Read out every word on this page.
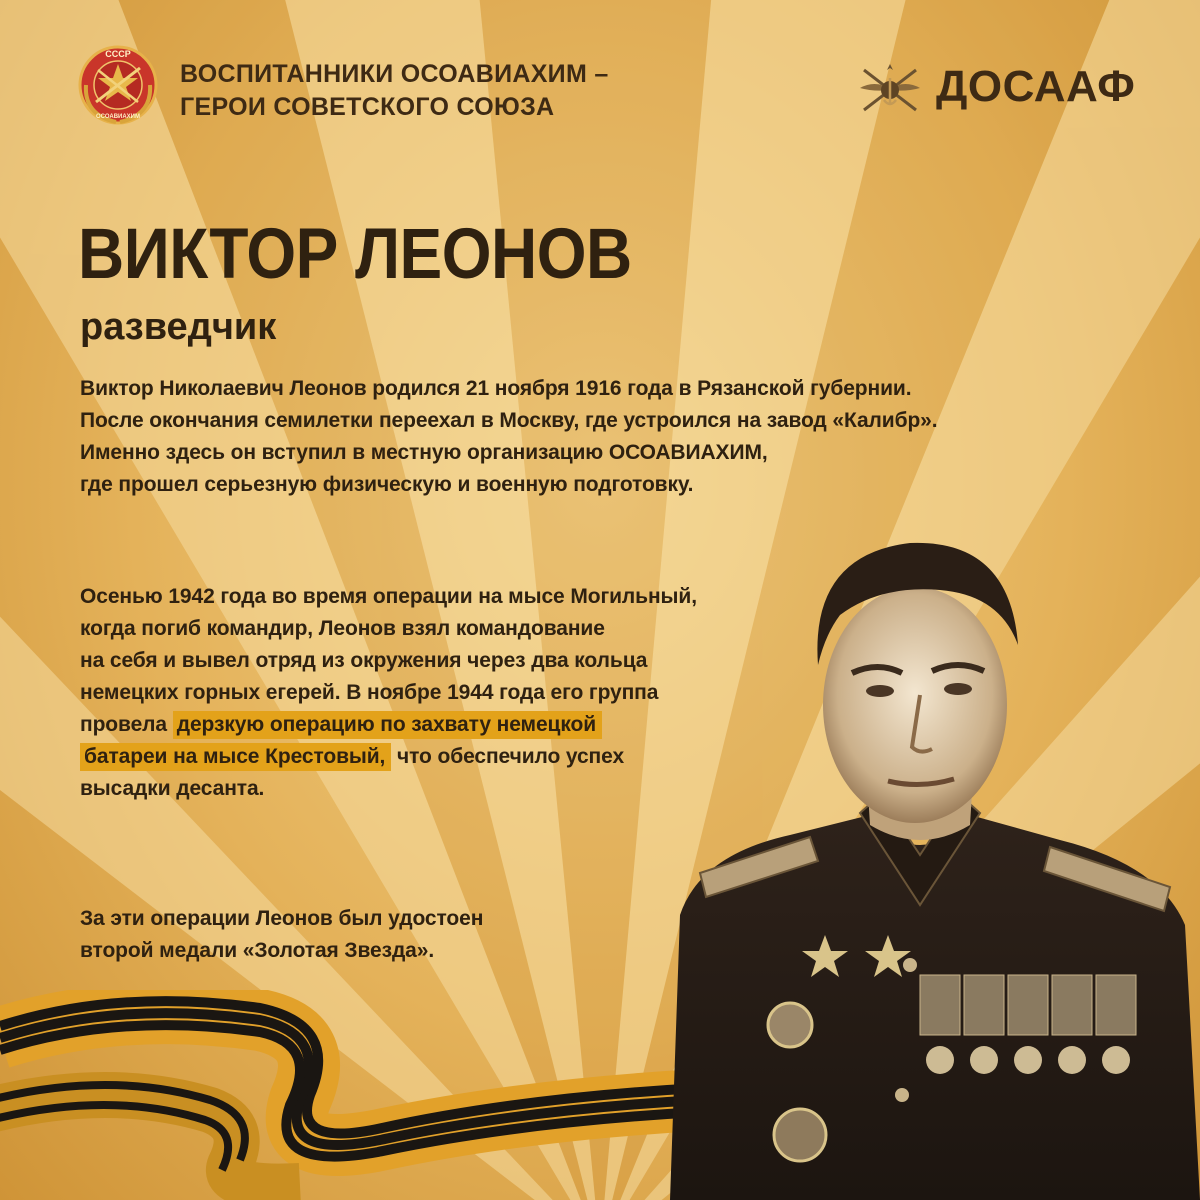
СССР
ОСОАВИАХИМ
ВОСПИТАННИКИ ОСОАВИАХИМ –
ГЕРОИ СОВЕТСКОГО СОЮЗА	ДОСААФ
ВИКТОР ЛЕОНОВ
разведчик
Виктор Николаевич Леонов родился 21 ноября 1916 года в Рязанской губернии.
После окончания семилетки переехал в Москву, где устроился на завод «Калибр».
Именно здесь он вступил в местную организацию ОСОАВИАХИМ,
где прошел серьезную физическую и военную подготовку.
Осенью 1942 года во время операции на мысе Могильный,
когда погиб командир, Леонов взял командование
на себя и вывел отряд из окружения через два кольца
немецких горных егерей. В ноябре 1944 года его группа
провела дерзкую операцию по захвату немецкой
батареи на мысе Крестовый, что обеспечило успех
высадки десанта.
За эти операции Леонов был удостоен
второй медали «Золотая Звезда».
